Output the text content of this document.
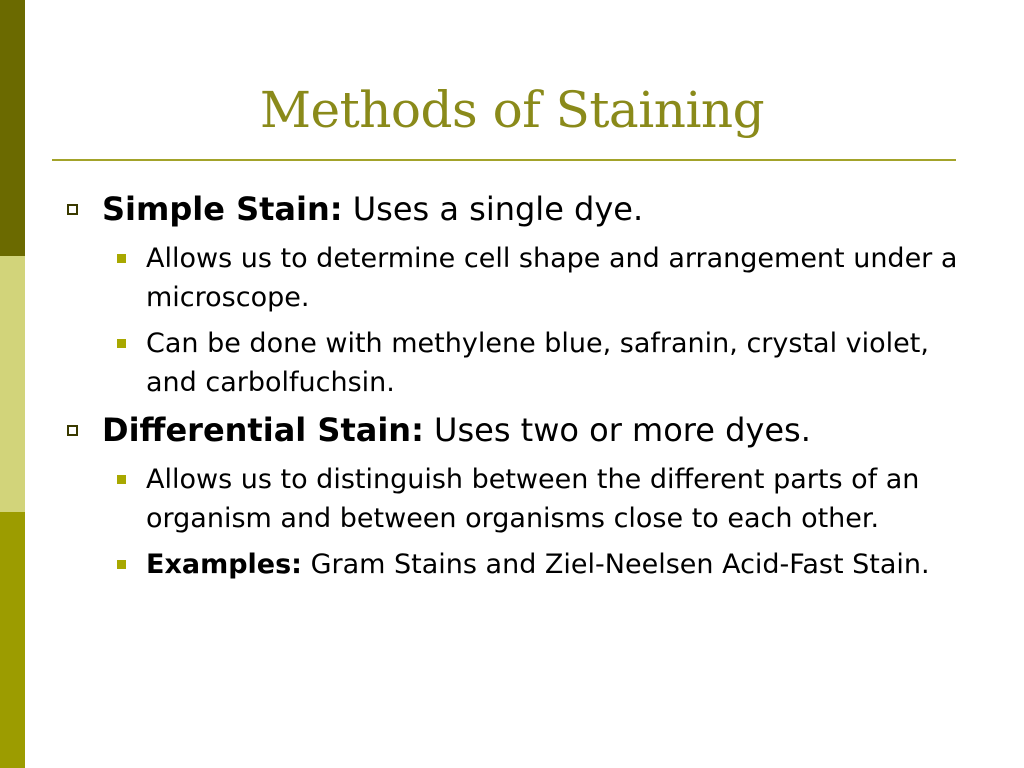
Methods of Staining
Simple Stain: Uses a single dye.
Allows us to determine cell shape and arrangement under a microscope.
Can be done with methylene blue, safranin, crystal violet, and carbolfuchsin.
Differential Stain: Uses two or more dyes.
Allows us to distinguish between the different parts of an organism and between organisms close to each other.
Examples: Gram Stains and Ziel-Neelsen Acid-Fast Stain.
